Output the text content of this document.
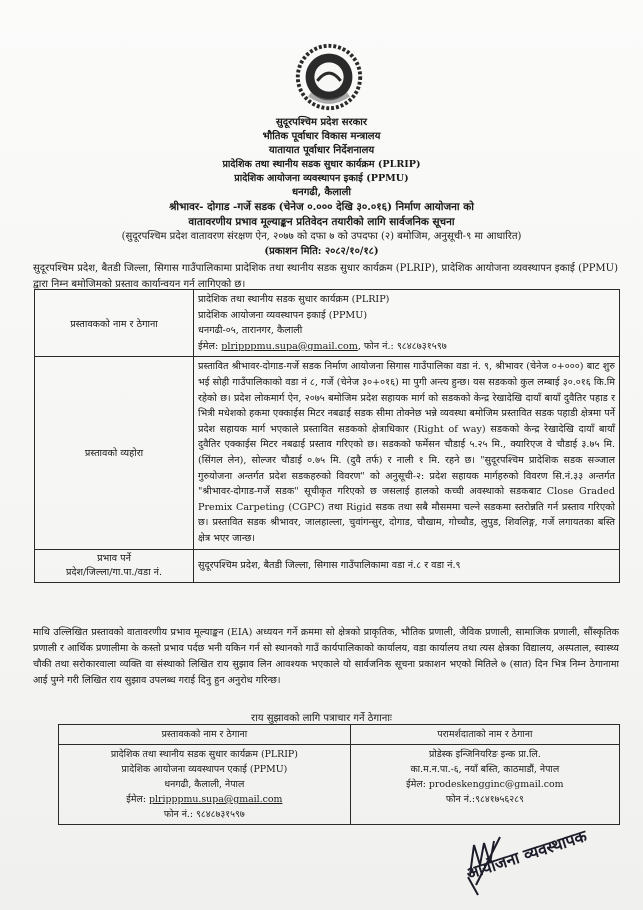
सुदूरपश्चिम प्रदेश सरकार
भौतिक पूर्वाधार विकास मन्त्रालय
यातायात पूर्वाधार निर्देशनालय
प्रादेशिक तथा स्थानीय सडक सुधार कार्यक्रम (PLRIP)
प्रादेशिक आयोजना व्यवस्थापन इकाई (PPMU)
धनगढी, कैलाली
श्रीभावर- दोगाड -गर्जे सडक (चेनेज ०.००० देखि ३०.०१६) निर्माण आयोजना को
वातावरणीय प्रभाव मूल्याङ्कन प्रतिवेदन तयारीको लागि सार्वजनिक सूचना
(सुदूरपश्चिम प्रदेश वातावरण संरक्षण ऐन, २०७७ को दफा ७ को उपदफा (२) बमोजिम, अनुसूची-९ मा आधारित)
(प्रकाशन मिति: २०८२/१०/१८)
सुदूरपश्चिम प्रदेश, बैतडी जिल्ला, सिगास गाउँपालिकामा प्रादेशिक तथा स्थानीय सडक सुधार कार्यक्रम (PLRIP), प्रादेशिक आयोजना व्यवस्थापन इकाई (PPMU) द्वारा निम्न बमोजिमको प्रस्ताव कार्यान्वयन गर्न लागिएको छ।
प्रस्तावकको नाम र ठेगाना	प्रादेशिक तथा स्थानीय सडक सुधार कार्यक्रम (PLRIP)
प्रादेशिक आयोजना व्यवस्थापन इकाई (PPMU)
धनगढी-०५, तारानगर, कैलाली
ईमेल: plripppmu.supa@gmail.com, फोन नं.: ९८४८७३१५९७

प्रस्तावको व्यहोरा	प्रस्तावित श्रीभावर-दोगाड-गर्जे सडक निर्माण आयोजना सिगास गाउँपालिका वडा नं. ९, श्रीभावर (चेनेज ०+०००) बाट शुरु भई सोही गाउँपालिकाको वडा नं ८, गर्जे (चेनेज ३०+०१६) मा पुगी अन्त्य हुन्छ। यस सडकको कुल लम्बाई ३०.०१६ कि.मि रहेको छ। प्रदेश लोकमार्ग ऐन, २०७५ बमोजिम प्रदेश सहायक मार्ग को सडकको केन्द्र रेखादेखि दायाँ बायाँ दुवैतिर पहाड र भित्री मधेशको हकमा एक्काईस मिटर नबढाई सडक सीमा तोक्नेछ भन्ने व्यवस्था बमोजिम प्रस्तावित सडक पहाडी क्षेत्रमा पर्ने प्रदेश सहायक मार्ग भएकाले प्रस्तावित सडकको क्षेत्राधिकार (Right of way) सडकको केन्द्र रेखादेखि दायाँ बायाँ दुवैतिर एक्काईस मिटर नबढाई प्रस्ताव गरिएको छ। सडकको फर्मेसन चौडाई ५.२५ मि., क्यारिएज वे चौडाई ३.७५ मि. (सिंगल लेन), सोल्जर चौडाई ०.७५ मि. (दुवै तर्फ) र नाली १ मि. रहने छ। "सुदूरपश्चिम प्रादेशिक सडक सञ्जाल गुरुयोजना अन्तर्गत प्रदेश सडकहरुको विवरण" को अनुसूची-२: प्रदेश सहायक मार्गहरुको विवरण सि.नं.३३ अन्तर्गत "श्रीभावर-दोगाड-गर्जे सडक" सूचीकृत गरिएको छ जसलाई हालको कच्ची अवस्थाको सडकबाट Close Graded Premix Carpeting (CGPC) तथा Rigid सडक तथा सबै मौसममा चल्ने सडकमा स्तरोन्नति गर्न प्रस्ताव गरिएको छ। प्रस्तावित सडक श्रीभावर, जालहाल्ला, चुवांगन्सुर, दोगाड, चौखाम, गोच्चौड, लुपुड, शिवलिङ्ग, गर्जे लगायतका बस्ति क्षेत्र भएर जान्छ।

प्रभाव पर्ने
प्रदेश/जिल्ला/गा.पा./वडा नं.	सुदूरपश्चिम प्रदेश, बैतडी जिल्ला, सिगास गाउँपालिकामा वडा नं.८ र वडा नं.९
माथि उल्लिखित प्रस्तावको वातावरणीय प्रभाव मूल्याङ्कन (EIA) अध्ययन गर्ने क्रममा सो क्षेत्रको प्राकृतिक, भौतिक प्रणाली, जैविक प्रणाली, सामाजिक प्रणाली, सौंस्कृतिक प्रणाली र आर्थिक प्रणालीमा के कस्तो प्रभाव पर्दछ भनी यकिन गर्न सो स्थानको गाउँ कार्यपालिकाको कार्यालय, वडा कार्यालय तथा त्यस क्षेत्रका विद्यालय, अस्पताल, स्वास्थ्य चौकी तथा सरोकारवाला व्यक्ति वा संस्थाको लिखित राय सुझाव लिन आवश्यक भएकाले यो सार्वजनिक सूचना प्रकाशन भएको मितिले ७ (सात) दिन भित्र निम्न ठेगानामा आई पुग्ने गरी लिखित राय सुझाव उपलब्ध गराई दिनु हुन अनुरोध गरिन्छ।
राय सुझावको लागि पत्राचार गर्ने ठेगानाः
प्रस्तावकको नाम र ठेगाना	परामर्शदाताको नाम र ठेगाना

प्रादेशिक तथा स्थानीय सडक सुधार कार्यक्रम (PLRIP)
प्रादेशिक आयोजना व्यवस्थापन एकाई (PPMU)
धनगढी, कैलाली, नेपाल
ईमेल: plripppmu.supa@gmail.com
फोन नं.: ९८४८७३१५९७	प्रोडेस्क इन्जिनियरिङ इन्क प्रा.लि.
का.म.न.पा.-६, नयाँ बस्ति, काठमाडौं, नेपाल
ईमेल: prodeskengginc@gmail.com
फोन नं.:९८४१७५६२८९
आयोजना व्यवस्थापक
